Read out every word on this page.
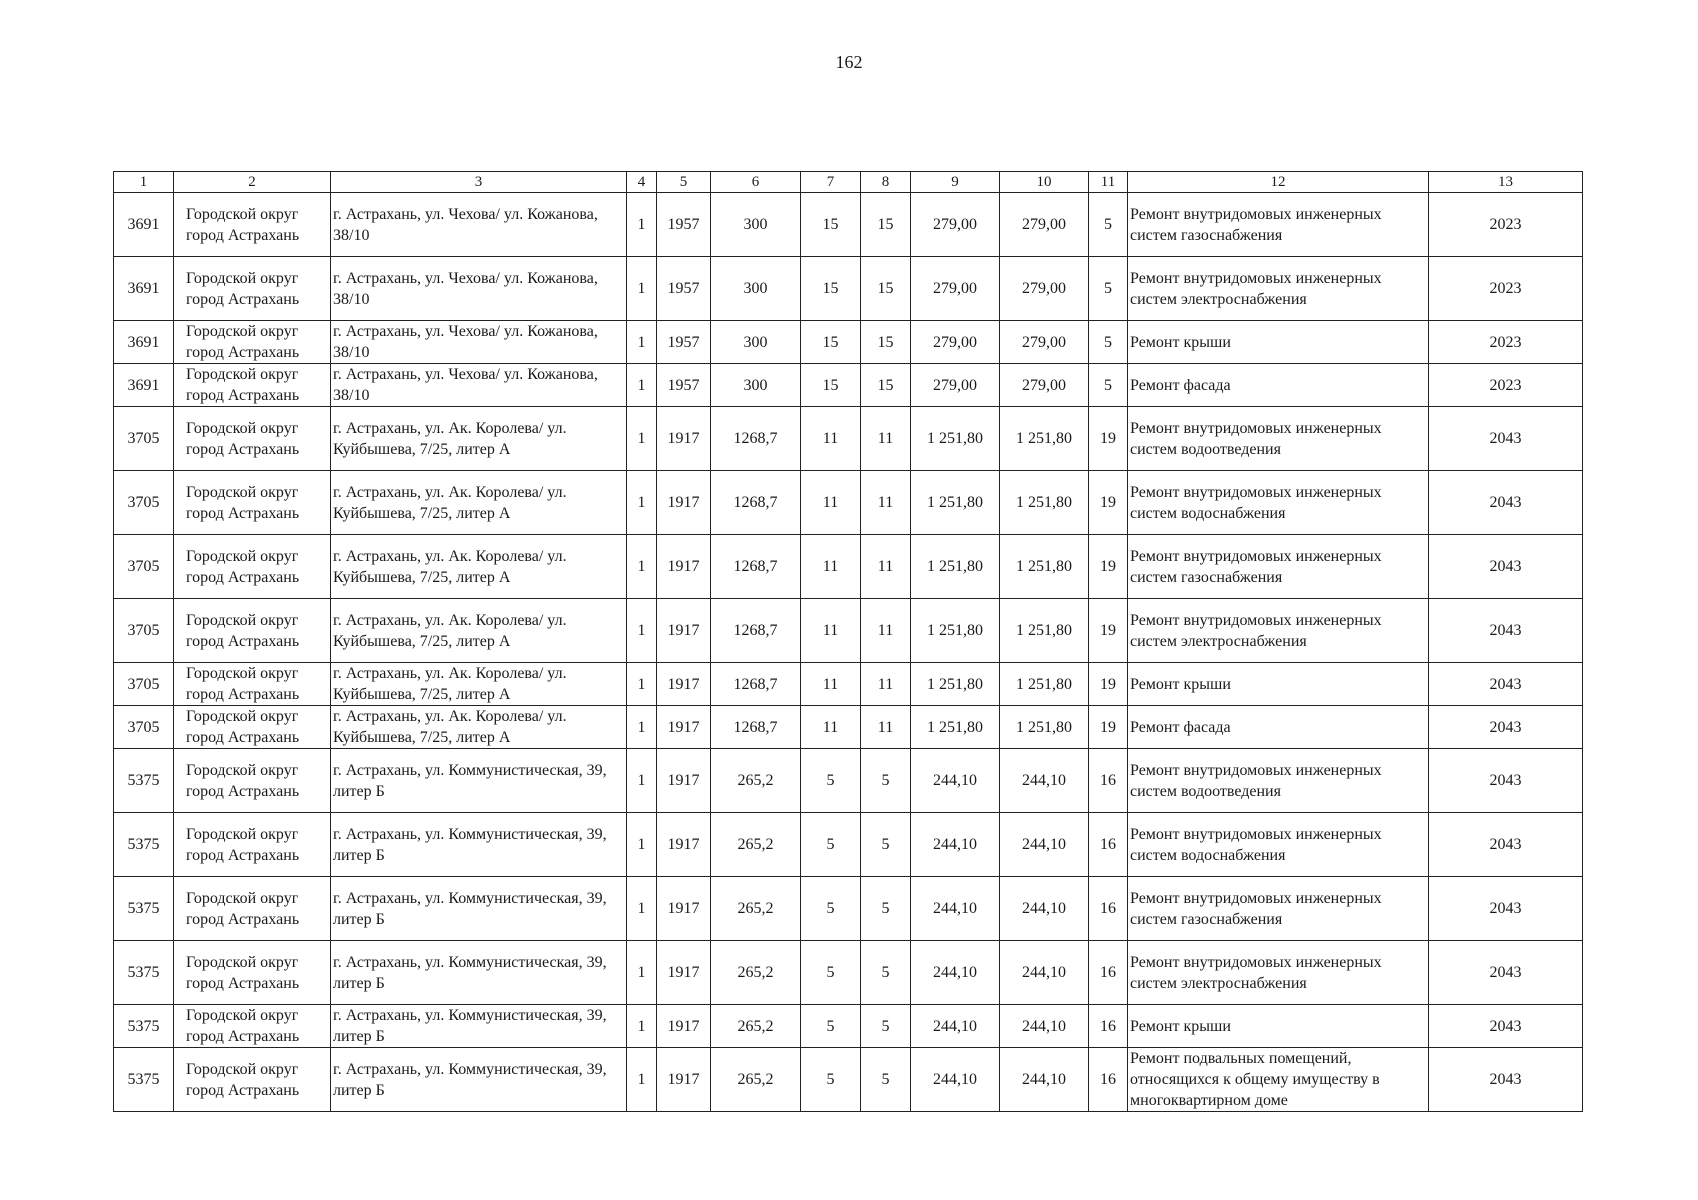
162
1	2	3	4	5	6	7	8	9	10	11	12	13
3691	Городской округ город Астрахань	г. Астрахань, ул. Чехова/ ул. Кожанова, 38/10	1	1957	300	15	15	279,00	279,00	5	Ремонт внутридомовых инженерных систем газоснабжения	2023
3691	Городской округ город Астрахань	г. Астрахань, ул. Чехова/ ул. Кожанова, 38/10	1	1957	300	15	15	279,00	279,00	5	Ремонт внутридомовых инженерных систем электроснабжения	2023
3691	Городской округ город Астрахань	г. Астрахань, ул. Чехова/ ул. Кожанова, 38/10	1	1957	300	15	15	279,00	279,00	5	Ремонт крыши	2023
3691	Городской округ город Астрахань	г. Астрахань, ул. Чехова/ ул. Кожанова, 38/10	1	1957	300	15	15	279,00	279,00	5	Ремонт фасада	2023
3705	Городской округ город Астрахань	г. Астрахань, ул. Ак. Королева/ ул. Куйбышева, 7/25, литер А	1	1917	1268,7	11	11	1 251,80	1 251,80	19	Ремонт внутридомовых инженерных систем водоотведения	2043
3705	Городской округ город Астрахань	г. Астрахань, ул. Ак. Королева/ ул. Куйбышева, 7/25, литер А	1	1917	1268,7	11	11	1 251,80	1 251,80	19	Ремонт внутридомовых инженерных систем водоснабжения	2043
3705	Городской округ город Астрахань	г. Астрахань, ул. Ак. Королева/ ул. Куйбышева, 7/25, литер А	1	1917	1268,7	11	11	1 251,80	1 251,80	19	Ремонт внутридомовых инженерных систем газоснабжения	2043
3705	Городской округ город Астрахань	г. Астрахань, ул. Ак. Королева/ ул. Куйбышева, 7/25, литер А	1	1917	1268,7	11	11	1 251,80	1 251,80	19	Ремонт внутридомовых инженерных систем электроснабжения	2043
3705	Городской округ город Астрахань	г. Астрахань, ул. Ак. Королева/ ул. Куйбышева, 7/25, литер А	1	1917	1268,7	11	11	1 251,80	1 251,80	19	Ремонт крыши	2043
3705	Городской округ город Астрахань	г. Астрахань, ул. Ак. Королева/ ул. Куйбышева, 7/25, литер А	1	1917	1268,7	11	11	1 251,80	1 251,80	19	Ремонт фасада	2043
5375	Городской округ город Астрахань	г. Астрахань, ул. Коммунистическая, 39, литер Б	1	1917	265,2	5	5	244,10	244,10	16	Ремонт внутридомовых инженерных систем водоотведения	2043
5375	Городской округ город Астрахань	г. Астрахань, ул. Коммунистическая, 39, литер Б	1	1917	265,2	5	5	244,10	244,10	16	Ремонт внутридомовых инженерных систем водоснабжения	2043
5375	Городской округ город Астрахань	г. Астрахань, ул. Коммунистическая, 39, литер Б	1	1917	265,2	5	5	244,10	244,10	16	Ремонт внутридомовых инженерных систем газоснабжения	2043
5375	Городской округ город Астрахань	г. Астрахань, ул. Коммунистическая, 39, литер Б	1	1917	265,2	5	5	244,10	244,10	16	Ремонт внутридомовых инженерных систем электроснабжения	2043
5375	Городской округ город Астрахань	г. Астрахань, ул. Коммунистическая, 39, литер Б	1	1917	265,2	5	5	244,10	244,10	16	Ремонт крыши	2043
5375	Городской округ город Астрахань	г. Астрахань, ул. Коммунистическая, 39, литер Б	1	1917	265,2	5	5	244,10	244,10	16	Ремонт подвальных помещений, относящихся к общему имуществу в многоквартирном доме	2043
